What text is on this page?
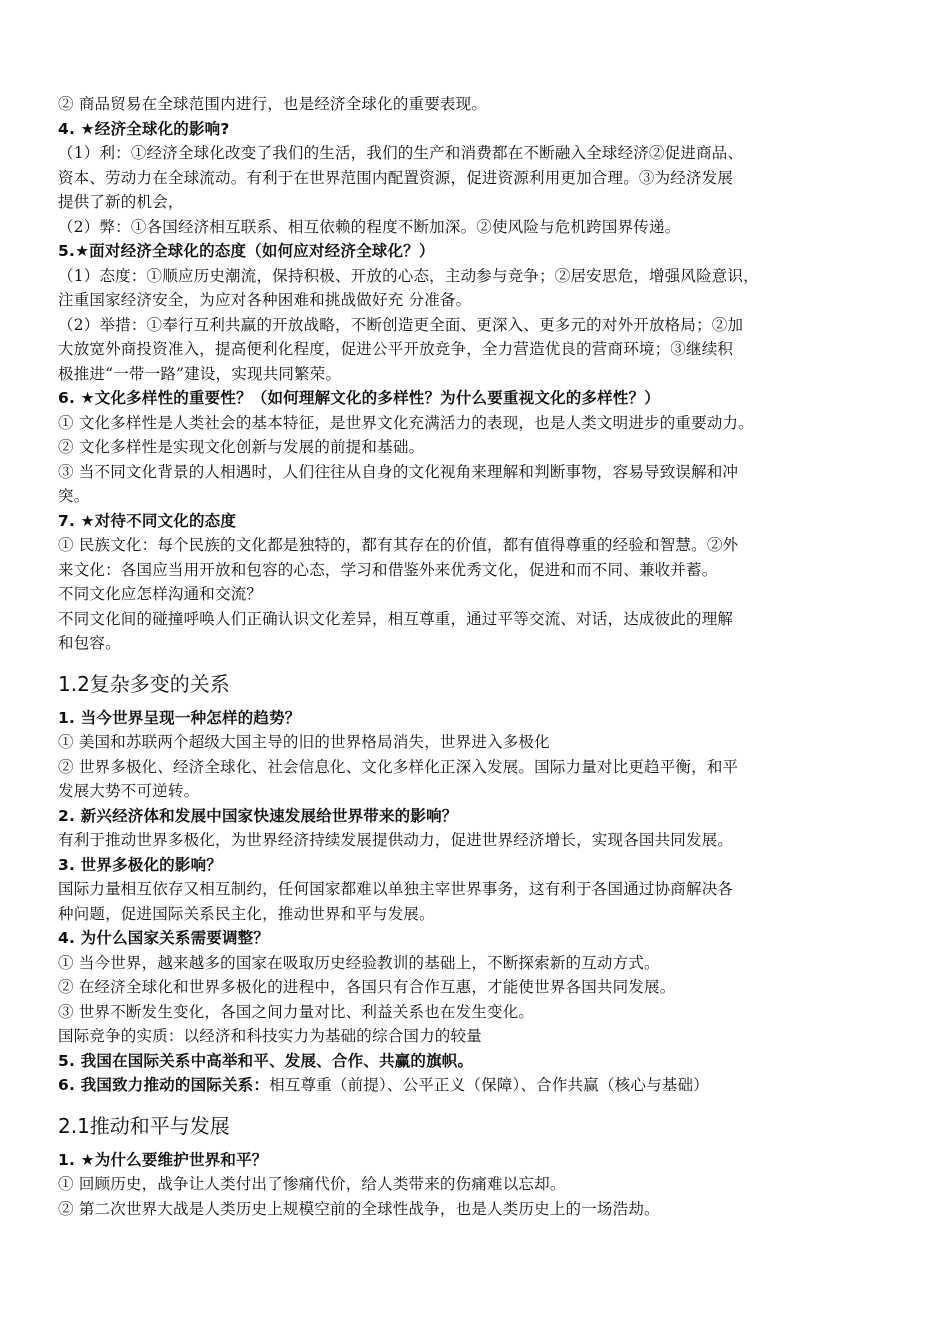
② 商品贸易在全球范围内进行，也是经济全球化的重要表现。
4. ★经济全球化的影响?
（1）利：①经济全球化改变了我们的生活，我们的生产和消费都在不断融入全球经济②促进商品、
资本、劳动力在全球流动。有利于在世界范围内配置资源，促进资源利用更加合理。③为经济发展
提供了新的机会，
（2）弊：①各国经济相互联系、相互依赖的程度不断加深。②使风险与危机跨国界传递。
5.★面对经济全球化的态度（如何应对经济全球化？）
（1）态度：①顺应历史潮流，保持积极、开放的心态，主动参与竞争；②居安思危，增强风险意识，
注重国家经济安全，为应对各种困难和挑战做好充 分准备。
（2）举措：①奉行互利共赢的开放战略，不断创造更全面、更深入、更多元的对外开放格局；②加
大放宽外商投资准入，提高便利化程度，促进公平开放竞争，全力营造优良的营商环境；③继续积
极推进“一带一路”建设，实现共同繁荣。
6. ★文化多样性的重要性？（如何理解文化的多样性？为什么要重视文化的多样性？）
① 文化多样性是人类社会的基本特征，是世界文化充满活力的表现，也是人类文明进步的重要动力。
② 文化多样性是实现文化创新与发展的前提和基础。
③ 当不同文化背景的人相遇时，人们往往从自身的文化视角来理解和判断事物，容易导致误解和冲
突。
7. ★对待不同文化的态度
① 民族文化：每个民族的文化都是独特的，都有其存在的价值，都有值得尊重的经验和智慧。②外
来文化：各国应当用开放和包容的心态，学习和借鉴外来优秀文化，促进和而不同、兼收并蓄。
不同文化应怎样沟通和交流？
不同文化间的碰撞呼唤人们正确认识文化差异，相互尊重，通过平等交流、对话，达成彼此的理解
和包容。
1.2复杂多变的关系
1. 当今世界呈现一种怎样的趋势？
① 美国和苏联两个超级大国主导的旧的世界格局消失，世界进入多极化
② 世界多极化、经济全球化、社会信息化、文化多样化正深入发展。国际力量对比更趋平衡，和平
发展大势不可逆转。
2. 新兴经济体和发展中国家快速发展给世界带来的影响？
有利于推动世界多极化，为世界经济持续发展提供动力，促进世界经济增长，实现各国共同发展。
3. 世界多极化的影响？
国际力量相互依存又相互制约，任何国家都难以单独主宰世界事务，这有利于各国通过协商解决各
种问题，促进国际关系民主化，推动世界和平与发展。
4. 为什么国家关系需要调整？
① 当今世界，越来越多的国家在吸取历史经验教训的基础上，不断探索新的互动方式。
② 在经济全球化和世界多极化的进程中，各国只有合作互惠，才能使世界各国共同发展。
③ 世界不断发生变化，各国之间力量对比、利益关系也在发生变化。
国际竞争的实质：以经济和科技实力为基础的综合国力的较量
5. 我国在国际关系中高举和平、发展、合作、共赢的旗帜。
6. 我国致力推动的国际关系：相互尊重（前提）、公平正义（保障）、合作共赢（核心与基础）
2.1推动和平与发展
1. ★为什么要维护世界和平？
① 回顾历史，战争让人类付出了惨痛代价，给人类带来的伤痛难以忘却。
② 第二次世界大战是人类历史上规模空前的全球性战争，也是人类历史上的一场浩劫。
